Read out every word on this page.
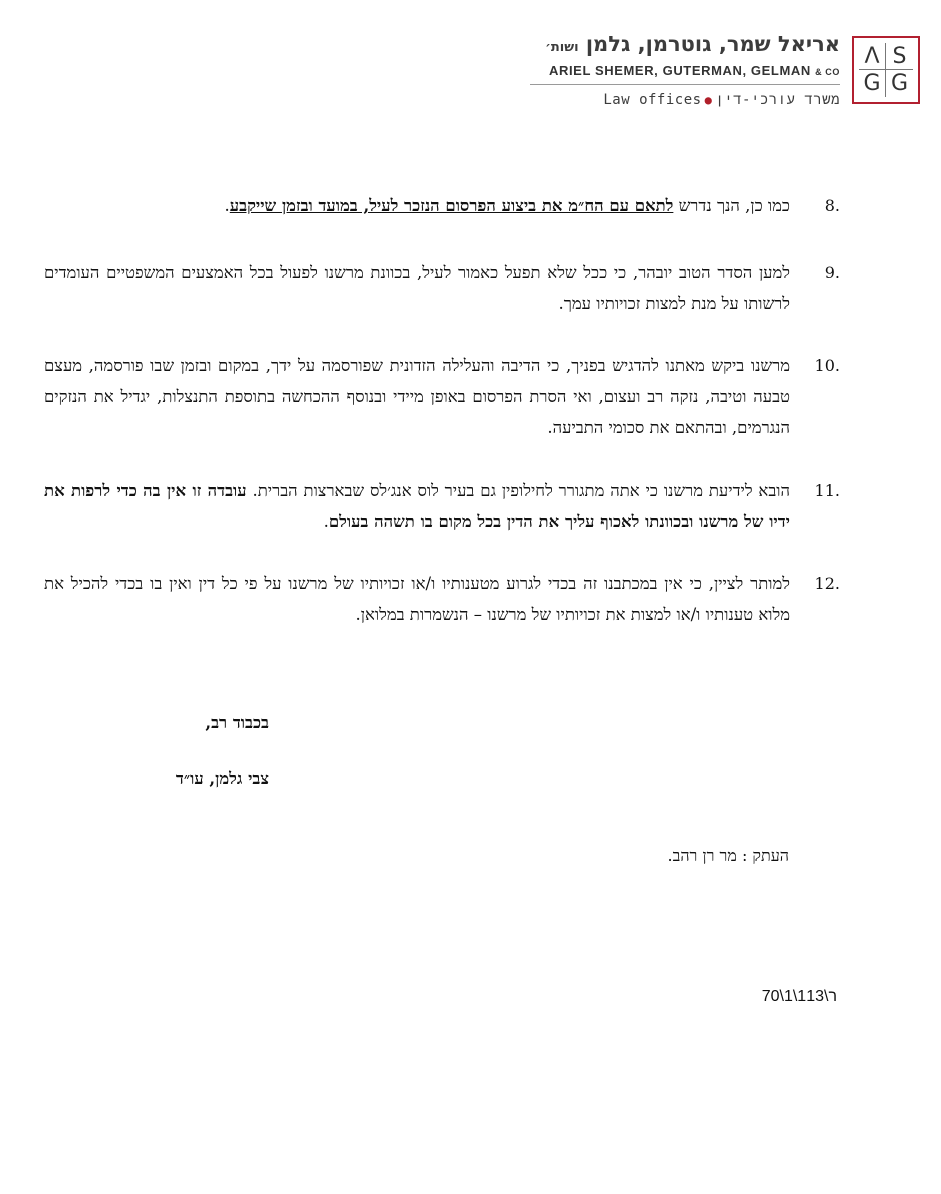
אריאל שמר, גוטרמן, גלמן ושות׳
ARIEL SHEMER, GUTERMAN, GELMAN & CO
Law offices ● משרד עורכי-דין
Λ S
G G
8.
כמו כן, הנך נדרש לתאם עם הח״מ את ביצוע הפרסום הנזכר לעיל, במועד ובזמן שייקבע.
9.
למען הסדר הטוב יובהר, כי ככל שלא תפעל כאמור לעיל, בכוונת מרשנו לפעול בכל האמצעים המשפטיים העומדים לרשותו על מנת למצות זכויותיו עמך.
10.
מרשנו ביקש מאתנו להדגיש בפניך, כי הדיבה והעלילה הזדונית שפורסמה על ידך, במקום ובזמן שבו פורסמה, מעצם טבעה וטיבה, נזקה רב ועצום, ואי הסרת הפרסום באופן מיידי ובנוסף ההכחשה בתוספת התנצלות, יגדיל את הנזקים הנגרמים, ובהתאם את סכומי התביעה.
11.
הובא לידיעת מרשנו כי אתה מתגורר לחילופין גם בעיר לוס אנג׳לס שבארצות הברית. עובדה זו אין בה כדי לרפות את ידיו של מרשנו ובכוונתו לאכוף עליך את הדין בכל מקום בו תשהה בעולם.
12.
למותר לציין, כי אין במכתבנו זה בכדי לגרוע מטענותיו ו/או זכויותיו של מרשנו על פי כל דין ואין בו בכדי להכיל את מלוא טענותיו ו/או למצות את זכויותיו של מרשנו – הנשמרות במלואן.
בכבוד רב,
צבי גלמן, עו״ד
העתק : מר רן רהב.
ר\113\1\70
